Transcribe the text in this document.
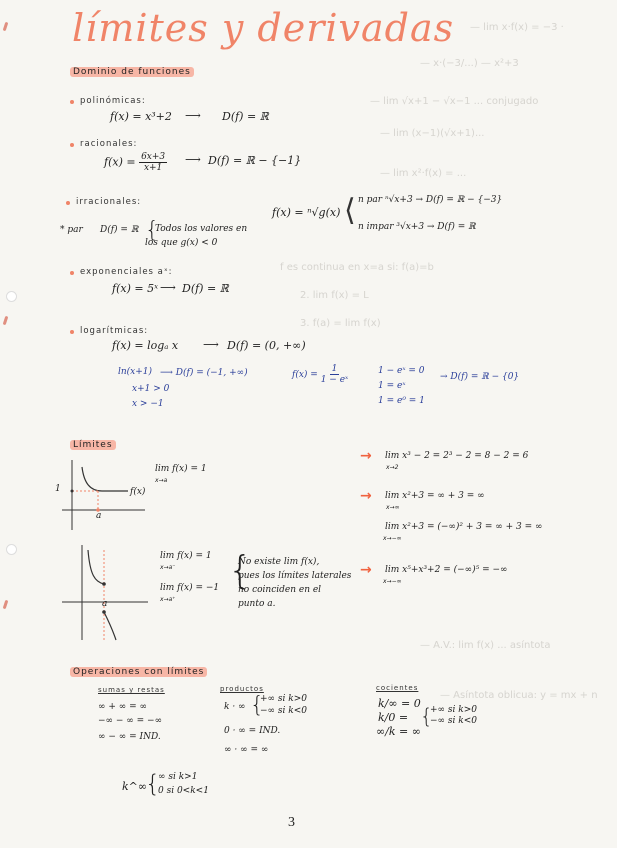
— lim x·f(x) = −3 ·
— x·(−3/...) — x²+3
— lim √x+1 − √x−1 ... conjugado
— lim (x−1)(√x+1)...
— lim x²·f(x) = ...
f es continua en x=a si: f(a)=b
2. lim f(x) = L
3. f(a) = lim f(x)
— A.V.: lim f(x) ... asíntota
— Asíntota oblicua: y = mx + n
límites y derivadas
Dominio de funciones
polinómicas:
f(x) = x³+2 ⟶ D(f) = ℝ
racionales:
$f(x) = \frac{6x+3}{x+1}$ ⟶ D(f) = ℝ − {−1}
irracionales:
f(x) = ⁿ√g(x) ⟨ n par ⁿ√x+3 → D(f) = ℝ − {−3}
n impar ³√x+3 → D(f) = ℝ
* par D(f) = ℝ {
Todos los valores en
los que g(x) < 0
exponenciales aˣ:
f(x) = 5ˣ ⟶ D(f) = ℝ
logarítmicas:
f(x) = logₐ x ⟶ D(f) = (0, +∞)
ln(x+1) ⟶ D(f) = (−1, +∞)
x+1 > 0
x > −1
$f(x) = \frac{1}{\text{1 − eˣ}}$	1 − eˣ = 0
1 = eˣ
1 = e⁰ = 1
→ D(f) = ℝ − {0}
Límites
1
a
f(x)
lim f(x) = 1
x→a
a
lim f(x) = 1
x→a⁻
lim f(x) = −1
x→a⁺
{
No existe lim f(x),
pues los límites laterales
no coinciden en el
punto a.
→ lim x³ − 2 = 2³ − 2 = 8 − 2 = 6
x→2
→ lim x²+3 = ∞ + 3 = ∞
x→∞
lim x²+3 = (−∞)² + 3 = ∞ + 3 = ∞
x→−∞
→ lim x⁵+x³+2 = (−∞)⁵ = −∞
x→−∞
Operaciones con límites
sumas y restas
∞ + ∞ = ∞
−∞ − ∞ = −∞
∞ − ∞ = IND.
productos
k · ∞ {
+∞ si k>0
−∞ si k<0
0 · ∞ = IND.
∞ · ∞ = ∞
cocientes
k/∞ = 0
k/0 = {
+∞ si k>0
−∞ si k<0
∞/k = ∞
k^∞
{
∞ si k>1
0 si 0<k<1
3
